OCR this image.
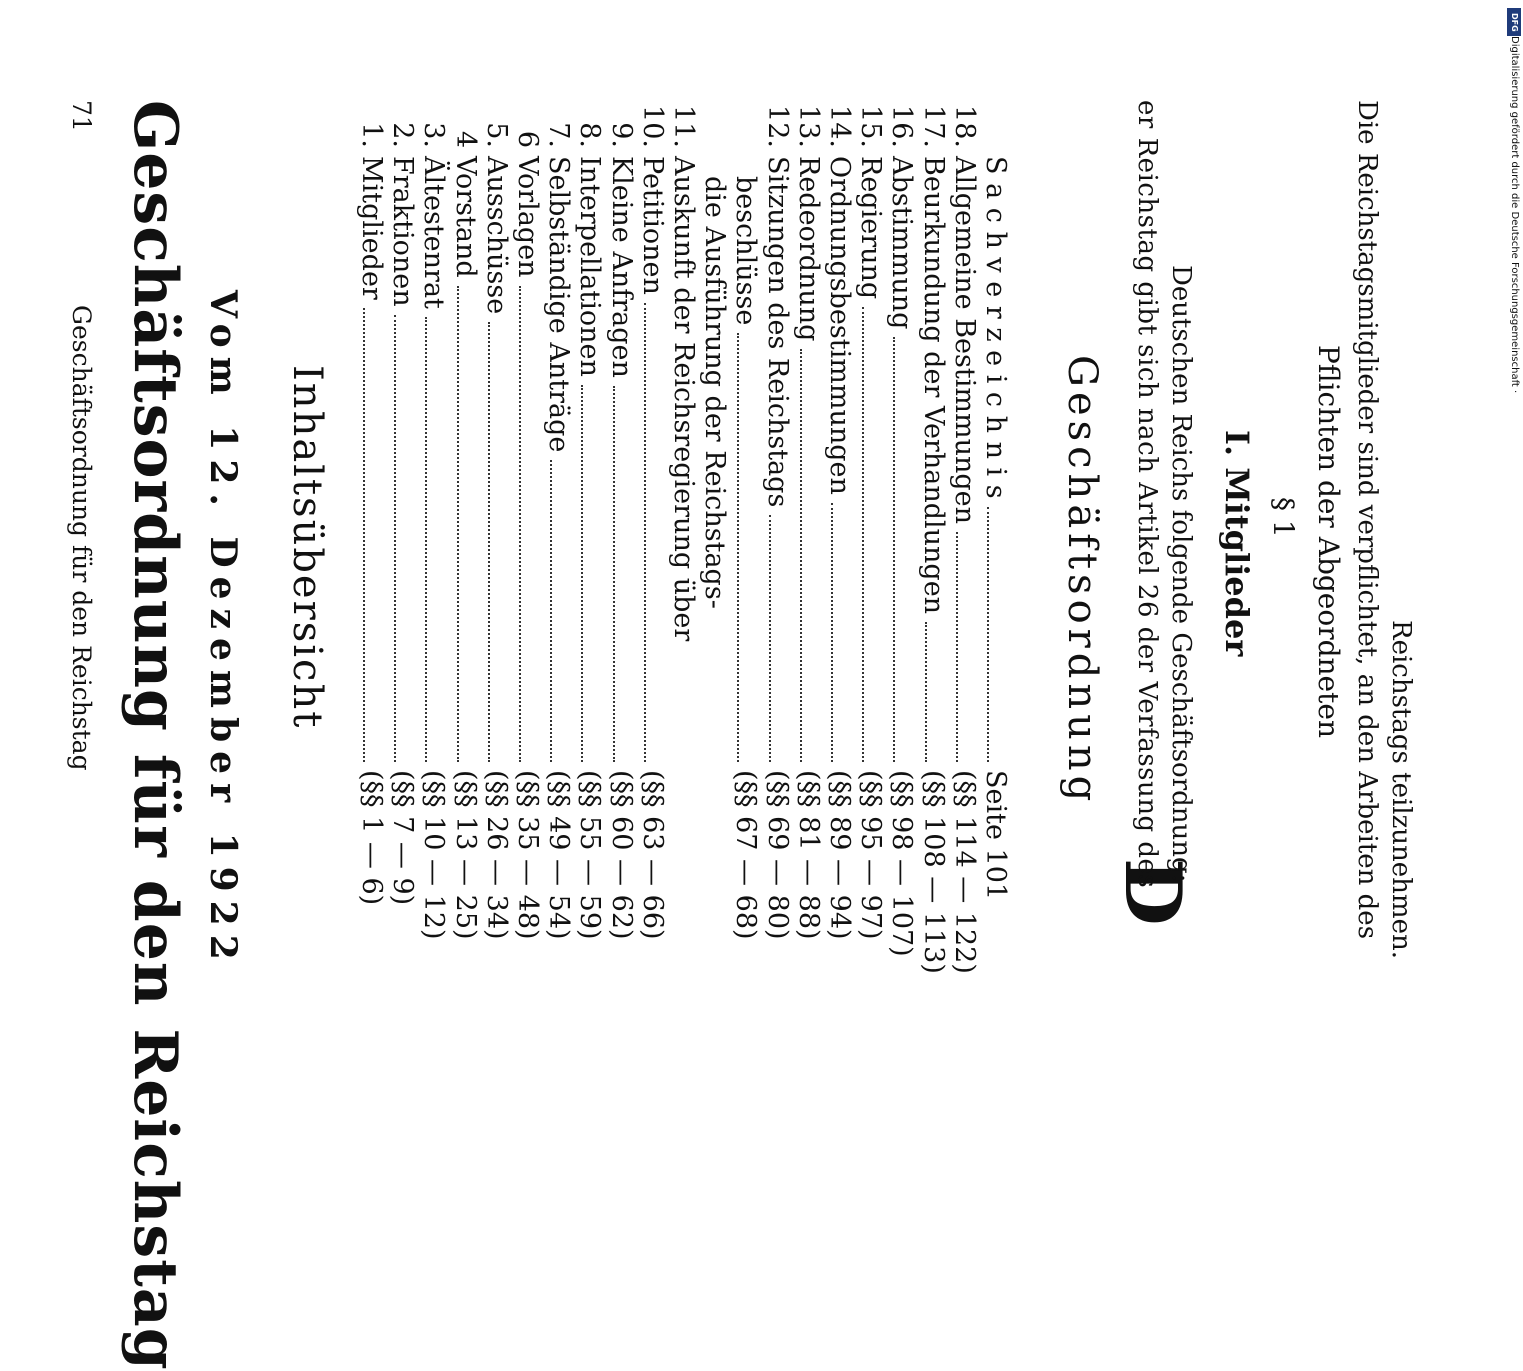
Geschäftsordnung für den Reichstag
71 Geschäftsordnung für den Reichstag Vom 12. Dezember 1922 Inhaltsübersicht
1.
Mitglieder
(§§ 1 — 6)
2.
Fraktionen
(§§ 7 — 9)
3.
Ältestenrat
(§§ 10 — 12)
4
Vorstand
(§§ 13 — 25)
5.
Ausschüsse
(§§ 26 — 34)
6
Vorlagen
(§§ 35 — 48)
7.
Selbständige Anträge
(§§ 49 — 54)
8.
Interpellationen
(§§ 55 — 59)
9.
Kleine Anfragen
(§§ 60 — 62)
10.
Petitionen
(§§ 63 — 66)
11.
Auskunft der Reichsregierung über die Ausführung der Reichstags- beschlüsse
(§§ 67 — 68)
12.
Sitzungen des Reichstags
(§§ 69 — 80)
13.
Redeordnung
(§§ 81 — 88)
14.
Ordnungsbestimmungen
(§§ 89 — 94)
15.
Regierung
(§§ 95 — 97)
16.
Abstimmung
(§§ 98 — 107)
17.
Beurkundung der Verhandlungen
(§§ 108 — 113)
18.
Allgemeine Bestimmungen
(§§ 114 — 122)
S a c h v e r z e i c h n i s
Seite 101
Geschäftsordnung
D
er Reichstag gibt sich nach Artikel 26 der Verfassung des Deutschen Reichs folgende Geschäftsordnung: I. Mitglieder § 1 Pflichten der Abgeordneten Die Reichstagsmitglieder sind verpflichtet, an den Arbeiten des Reichstags teilzunehmen.
Digitalisierung gefördert durch die Deutsche Forschungsgemeinschaft ·
DFG
